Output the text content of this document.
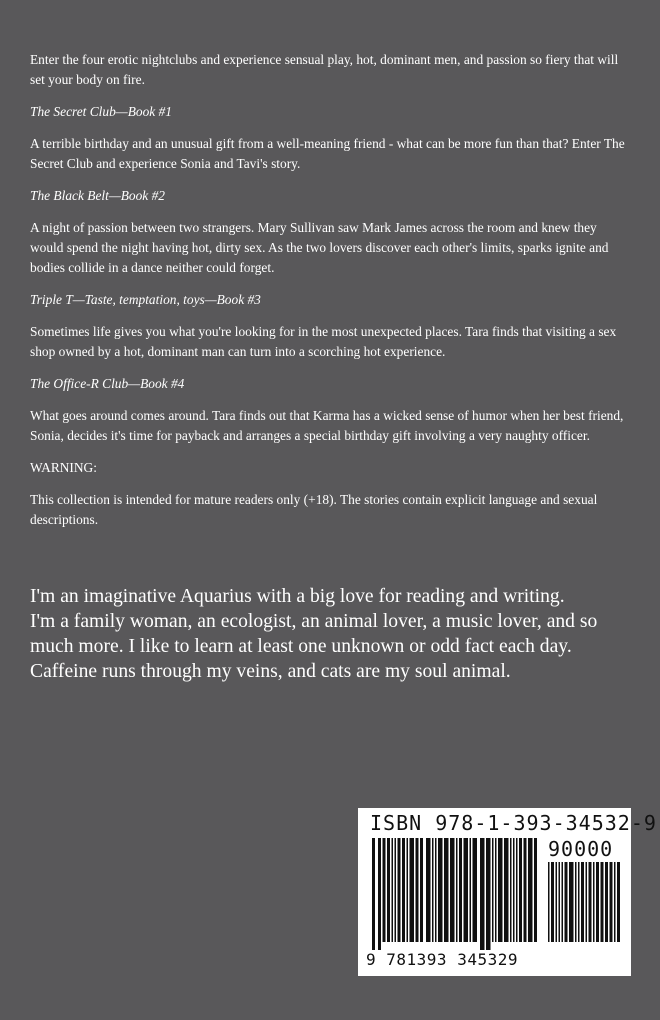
Enter the four erotic nightclubs and experience sensual play, hot, dominant men, and passion so fiery that will set your body on fire.

The Secret Club—Book #1

A terrible birthday and an unusual gift from a well-meaning friend - what can be more fun than that? Enter The Secret Club and experience Sonia and Tavi's story.

The Black Belt—Book #2

A night of passion between two strangers. Mary Sullivan saw Mark James across the room and knew they would spend the night having hot, dirty sex. As the two lovers discover each other's limits, sparks ignite and bodies collide in a dance neither could forget.

Triple T—Taste, temptation, toys—Book #3

Sometimes life gives you what you're looking for in the most unexpected places. Tara finds that visiting a sex shop owned by a hot, dominant man can turn into a scorching hot experience.

The Office-R Club—Book #4

What goes around comes around. Tara finds out that Karma has a wicked sense of humor when her best friend, Sonia, decides it's time for payback and arranges a special birthday gift involving a very naughty officer.

WARNING:

This collection is intended for mature readers only (+18). The stories contain explicit language and sexual descriptions.

I'm an imaginative Aquarius with a big love for reading and writing.

I'm a family woman, an ecologist, an animal lover, a music lover, and so much more. I like to learn at least one unknown or odd fact each day. Caffeine runs through my veins, and cats are my soul animal.

ISBN 978-1-393-34532-9
90000
9 781393 345329
